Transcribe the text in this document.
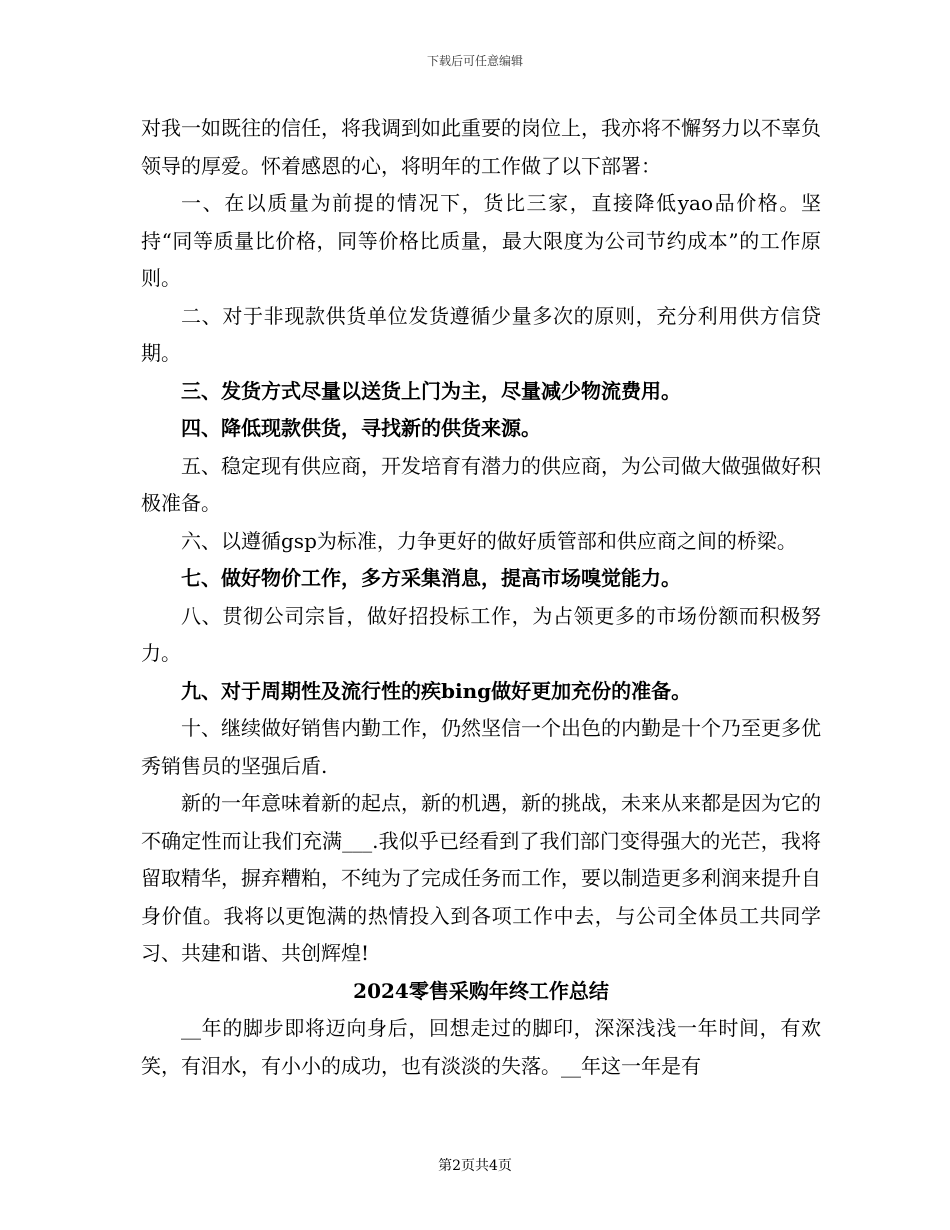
下载后可任意编辑

对我一如既往的信任，将我调到如此重要的岗位上，我亦将不懈努力以不辜负领导的厚爱。怀着感恩的心，将明年的工作做了以下部署：

一、在以质量为前提的情况下，货比三家，直接降低yao品价格。坚持“同等质量比价格，同等价格比质量，最大限度为公司节约成本”的工作原则。

二、对于非现款供货单位发货遵循少量多次的原则，充分利用供方信贷期。

三、发货方式尽量以送货上门为主，尽量减少物流费用。

四、降低现款供货，寻找新的供货来源。

五、稳定现有供应商，开发培育有潜力的供应商，为公司做大做强做好积极准备。

六、以遵循gsp为标准，力争更好的做好质管部和供应商之间的桥梁。

七、做好物价工作，多方采集消息，提高市场嗅觉能力。

八、贯彻公司宗旨，做好招投标工作，为占领更多的市场份额而积极努力。

九、对于周期性及流行性的疾bing做好更加充份的准备。

十、继续做好销售内勤工作，仍然坚信一个出色的内勤是十个乃至更多优秀销售员的坚强后盾.

新的一年意味着新的起点，新的机遇，新的挑战，未来从来都是因为它的不确定性而让我们充满___.我似乎已经看到了我们部门变得强大的光芒，我将留取精华，摒弃糟粕，不纯为了完成任务而工作，要以制造更多利润来提升自身价值。我将以更饱满的热情投入到各项工作中去，与公司全体员工共同学习、共建和谐、共创辉煌!

2024零售采购年终工作总结

__年的脚步即将迈向身后，回想走过的脚印，深深浅浅一年时间，有欢笑，有泪水，有小小的成功，也有淡淡的失落。__年这一年是有

第2页共4页
